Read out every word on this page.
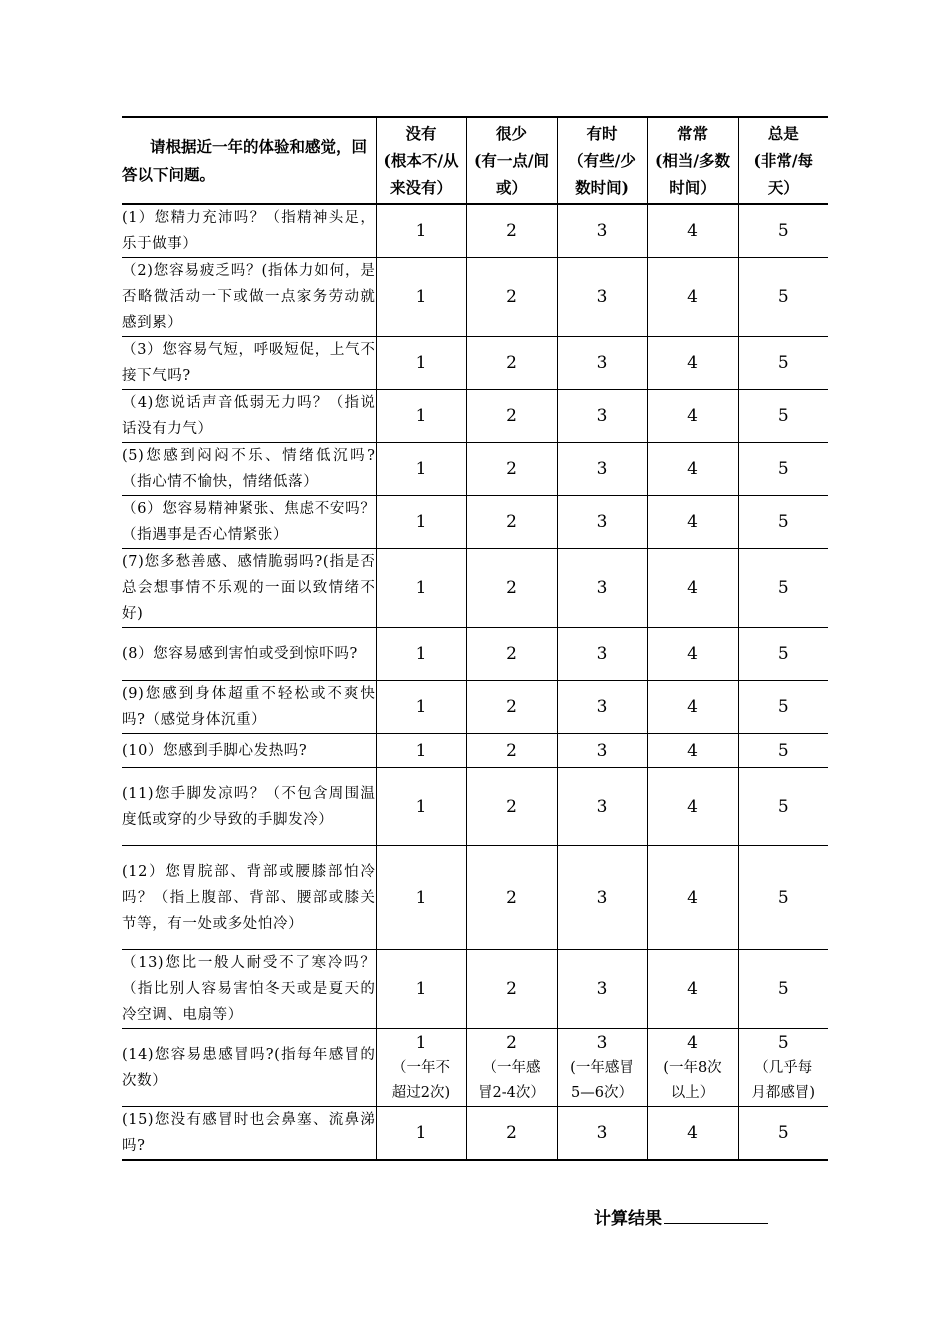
请根据近一年的体验和感觉，回答以下问题。	没有
(根本不/从
来没有）	很少
(有一点/间
或）	有时
（有些/少
数时间)	常常
(相当/多数
时间）	总是
(非常/每
天）

(1）您精力充沛吗？（指精神头足，乐于做事）	1	2	3	4	5

（2)您容易疲乏吗？(指体力如何，是否略微活动一下或做一点家务劳动就感到累）	1	2	3	4	5

（3）您容易气短，呼吸短促，上气不接下气吗?	1	2	3	4	5

（4)您说话声音低弱无力吗？（指说话没有力气）	1	2	3	4	5

(5)您感到闷闷不乐、情绪低沉吗?（指心情不愉快，情绪低落）	1	2	3	4	5

（6）您容易精神紧张、焦虑不安吗？（指遇事是否心情紧张）	1	2	3	4	5

(7)您多愁善感、感情脆弱吗?(指是否总会想事情不乐观的一面以致情绪不好)	1	2	3	4	5

(8）您容易感到害怕或受到惊吓吗?	1	2	3	4	5

(9)您感到身体超重不轻松或不爽快吗?（感觉身体沉重）	1	2	3	4	5

(10）您感到手脚心发热吗?	1	2	3	4	5

(11)您手脚发凉吗？（不包含周围温度低或穿的少导致的手脚发冷）	1	2	3	4	5

(12）您胃脘部、背部或腰膝部怕冷吗？（指上腹部、背部、腰部或膝关节等，有一处或多处怕冷）	1	2	3	4	5

（13)您比一般人耐受不了寒冷吗？（指比别人容易害怕冬天或是夏天的冷空调、电扇等）	1	2	3	4	5

(14)您容易患感冒吗?(指每年感冒的次数）	1
（一年不
超过2次)	2
（一年感
冒2-4次）	3
(一年感冒
5—6次）	4
(一年8次
以上）	5
（几乎每
月都感冒)

(15)您没有感冒时也会鼻塞、流鼻涕吗?	1	2	3	4	5
计算结果
